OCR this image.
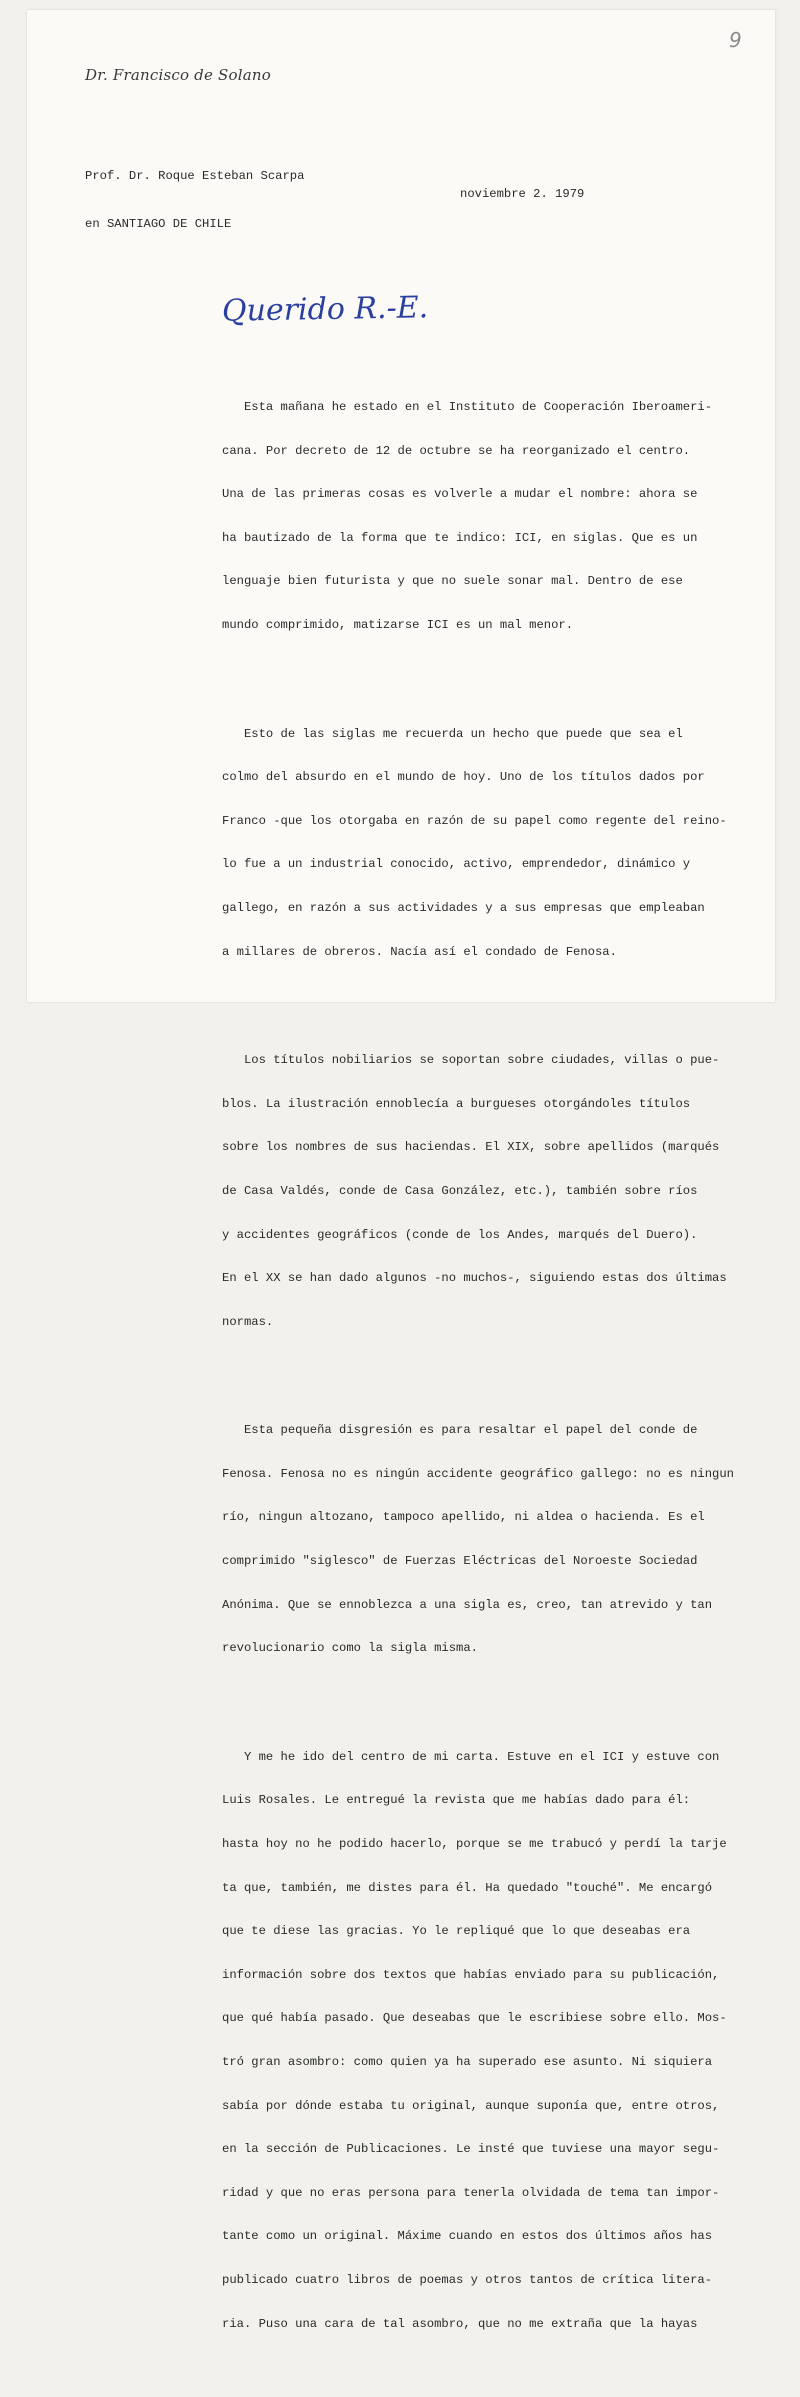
9
Dr. Francisco de Solano

Prof. Dr. Roque Esteban Scarpa

en SANTIAGO DE CHILE

noviembre 2. 1979
Querido R.-E.

Esta mañana he estado en el Instituto de Cooperación Iberoameri-

cana. Por decreto de 12 de octubre se ha reorganizado el centro.

Una de las primeras cosas es volverle a mudar el nombre: ahora se

ha bautizado de la forma que te indico: ICI, en siglas. Que es un

lenguaje bien futurista y que no suele sonar mal. Dentro de ese

mundo comprimido, matizarse ICI es un mal menor.

Esto de las siglas me recuerda un hecho que puede que sea el

colmo del absurdo en el mundo de hoy. Uno de los títulos dados por

Franco -que los otorgaba en razón de su papel como regente del reino-

lo fue a un industrial conocido, activo, emprendedor, dinámico y

gallego, en razón a sus actividades y a sus empresas que empleaban

a millares de obreros. Nacía así el condado de Fenosa.

Los títulos nobiliarios se soportan sobre ciudades, villas o pue-

blos. La ilustración ennoblecía a burgueses otorgándoles títulos

sobre los nombres de sus haciendas. El XIX, sobre apellidos (marqués

de Casa Valdés, conde de Casa González, etc.), también sobre ríos

y accidentes geográficos (conde de los Andes, marqués del Duero).

En el XX se han dado algunos -no muchos-, siguiendo estas dos últimas

normas.

Esta pequeña disgresión es para resaltar el papel del conde de

Fenosa. Fenosa no es ningún accidente geográfico gallego: no es ningun

río, ningun altozano, tampoco apellido, ni aldea o hacienda. Es el

comprimido "siglesco" de Fuerzas Eléctricas del Noroeste Sociedad

Anónima. Que se ennoblezca a una sigla es, creo, tan atrevido y tan

revolucionario como la sigla misma.

Y me he ido del centro de mi carta. Estuve en el ICI y estuve con

Luis Rosales. Le entregué la revista que me habías dado para él:

hasta hoy no he podido hacerlo, porque se me trabucó y perdí la tarje

ta que, también, me distes para él. Ha quedado "touché". Me encargó

que te diese las gracias. Yo le repliqué que lo que deseabas era

información sobre dos textos que habías enviado para su publicación,

que qué había pasado. Que deseabas que le escribiese sobre ello. Mos-

tró gran asombro: como quien ya ha superado ese asunto. Ni siquiera

sabía por dónde estaba tu original, aunque suponía que, entre otros,

en la sección de Publicaciones. Le insté que tuviese una mayor segu-

ridad y que no eras persona para tenerla olvidada de tema tan impor-

tante como un original. Máxime cuando en estos dos últimos años has

publicado cuatro libros de poemas y otros tantos de crítica litera-

ria. Puso una cara de tal asombro, que no me extraña que la hayas
